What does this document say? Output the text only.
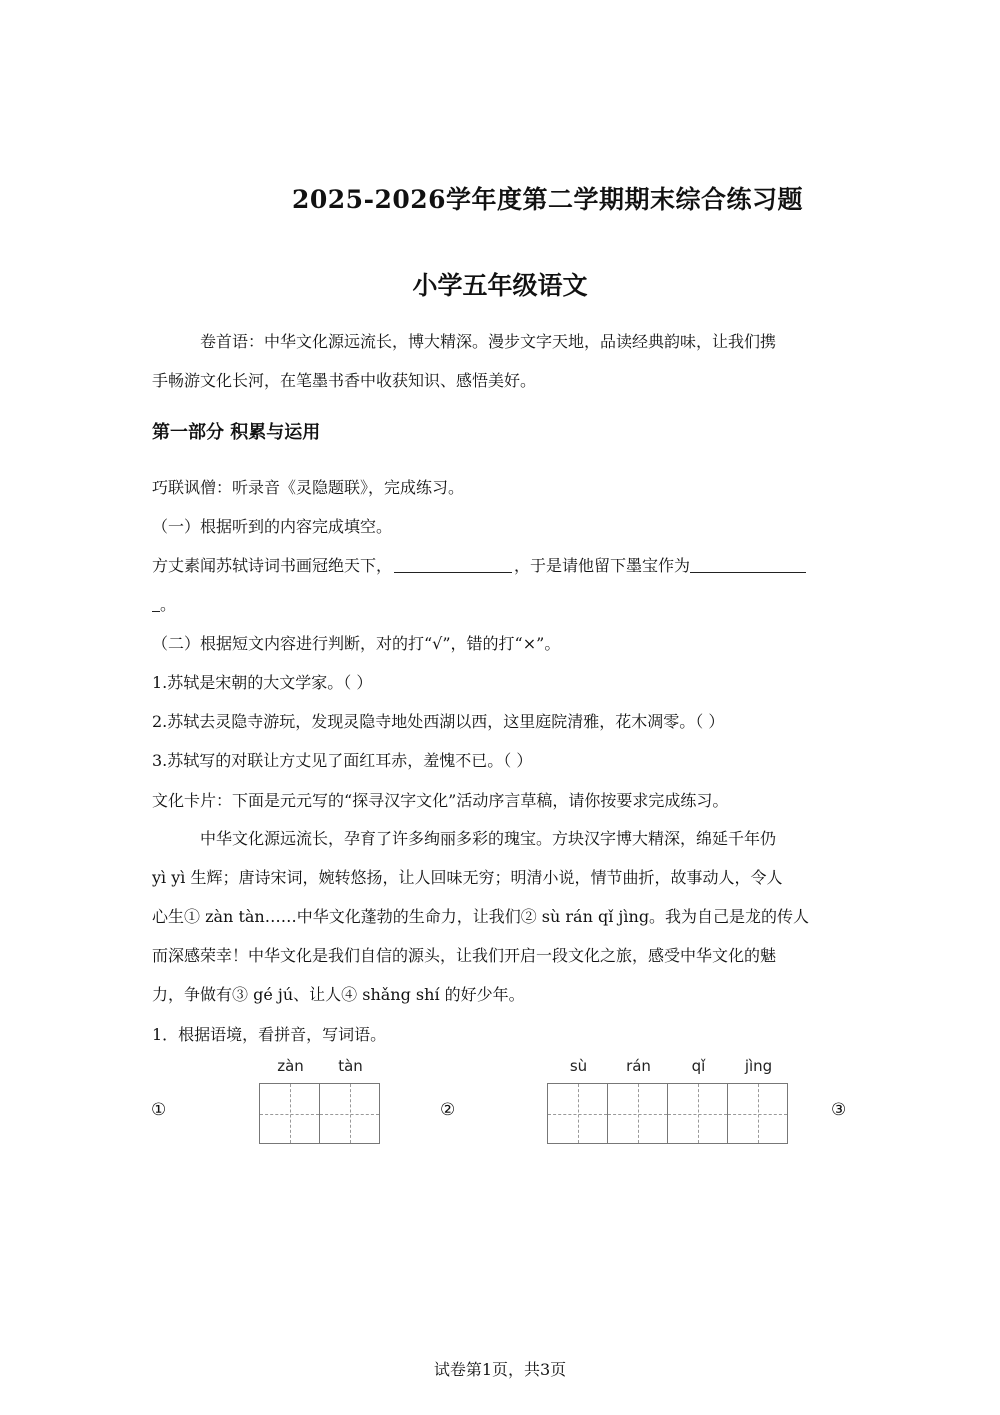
2025-2026学年度第二学期期末综合练习题
小学五年级语文
卷首语：中华文化源远流长，博大精深。漫步文字天地，品读经典韵味，让我们携
手畅游文化长河，在笔墨书香中收获知识、感悟美好。
第一部分 积累与运用
巧联讽僧：听录音《灵隐题联》，完成练习。
（一）根据听到的内容完成填空。
方丈素闻苏轼诗词书画冠绝天下，	，于是请他留下墨宝作为
。
（二）根据短文内容进行判断，对的打“√”，错的打“×”。
1.苏轼是宋朝的大文学家。（ ）
2.苏轼去灵隐寺游玩，发现灵隐寺地处西湖以西，这里庭院清雅，花木凋零。（ ）
3.苏轼写的对联让方丈见了面红耳赤，羞愧不已。（ ）
文化卡片：下面是元元写的“探寻汉字文化”活动序言草稿，请你按要求完成练习。
中华文化源远流长，孕育了许多绚丽多彩的瑰宝。方块汉字博大精深，绵延千年仍
yì yì 生辉；唐诗宋词，婉转悠扬，让人回味无穷；明清小说，情节曲折，故事动人，令人
心生① zàn tàn……中华文化蓬勃的生命力，让我们② sù rán qǐ jìng。我为自己是龙的传人
而深感荣幸！中华文化是我们自信的源头，让我们开启一段文化之旅，感受中华文化的魅
力，争做有③ gé jú、让人④ shǎng shí 的好少年。
1．根据语境，看拼音，写词语。
①
zàn	tàn
②
sù	rán	qǐ	jìng
③
试卷第1页，共3页
